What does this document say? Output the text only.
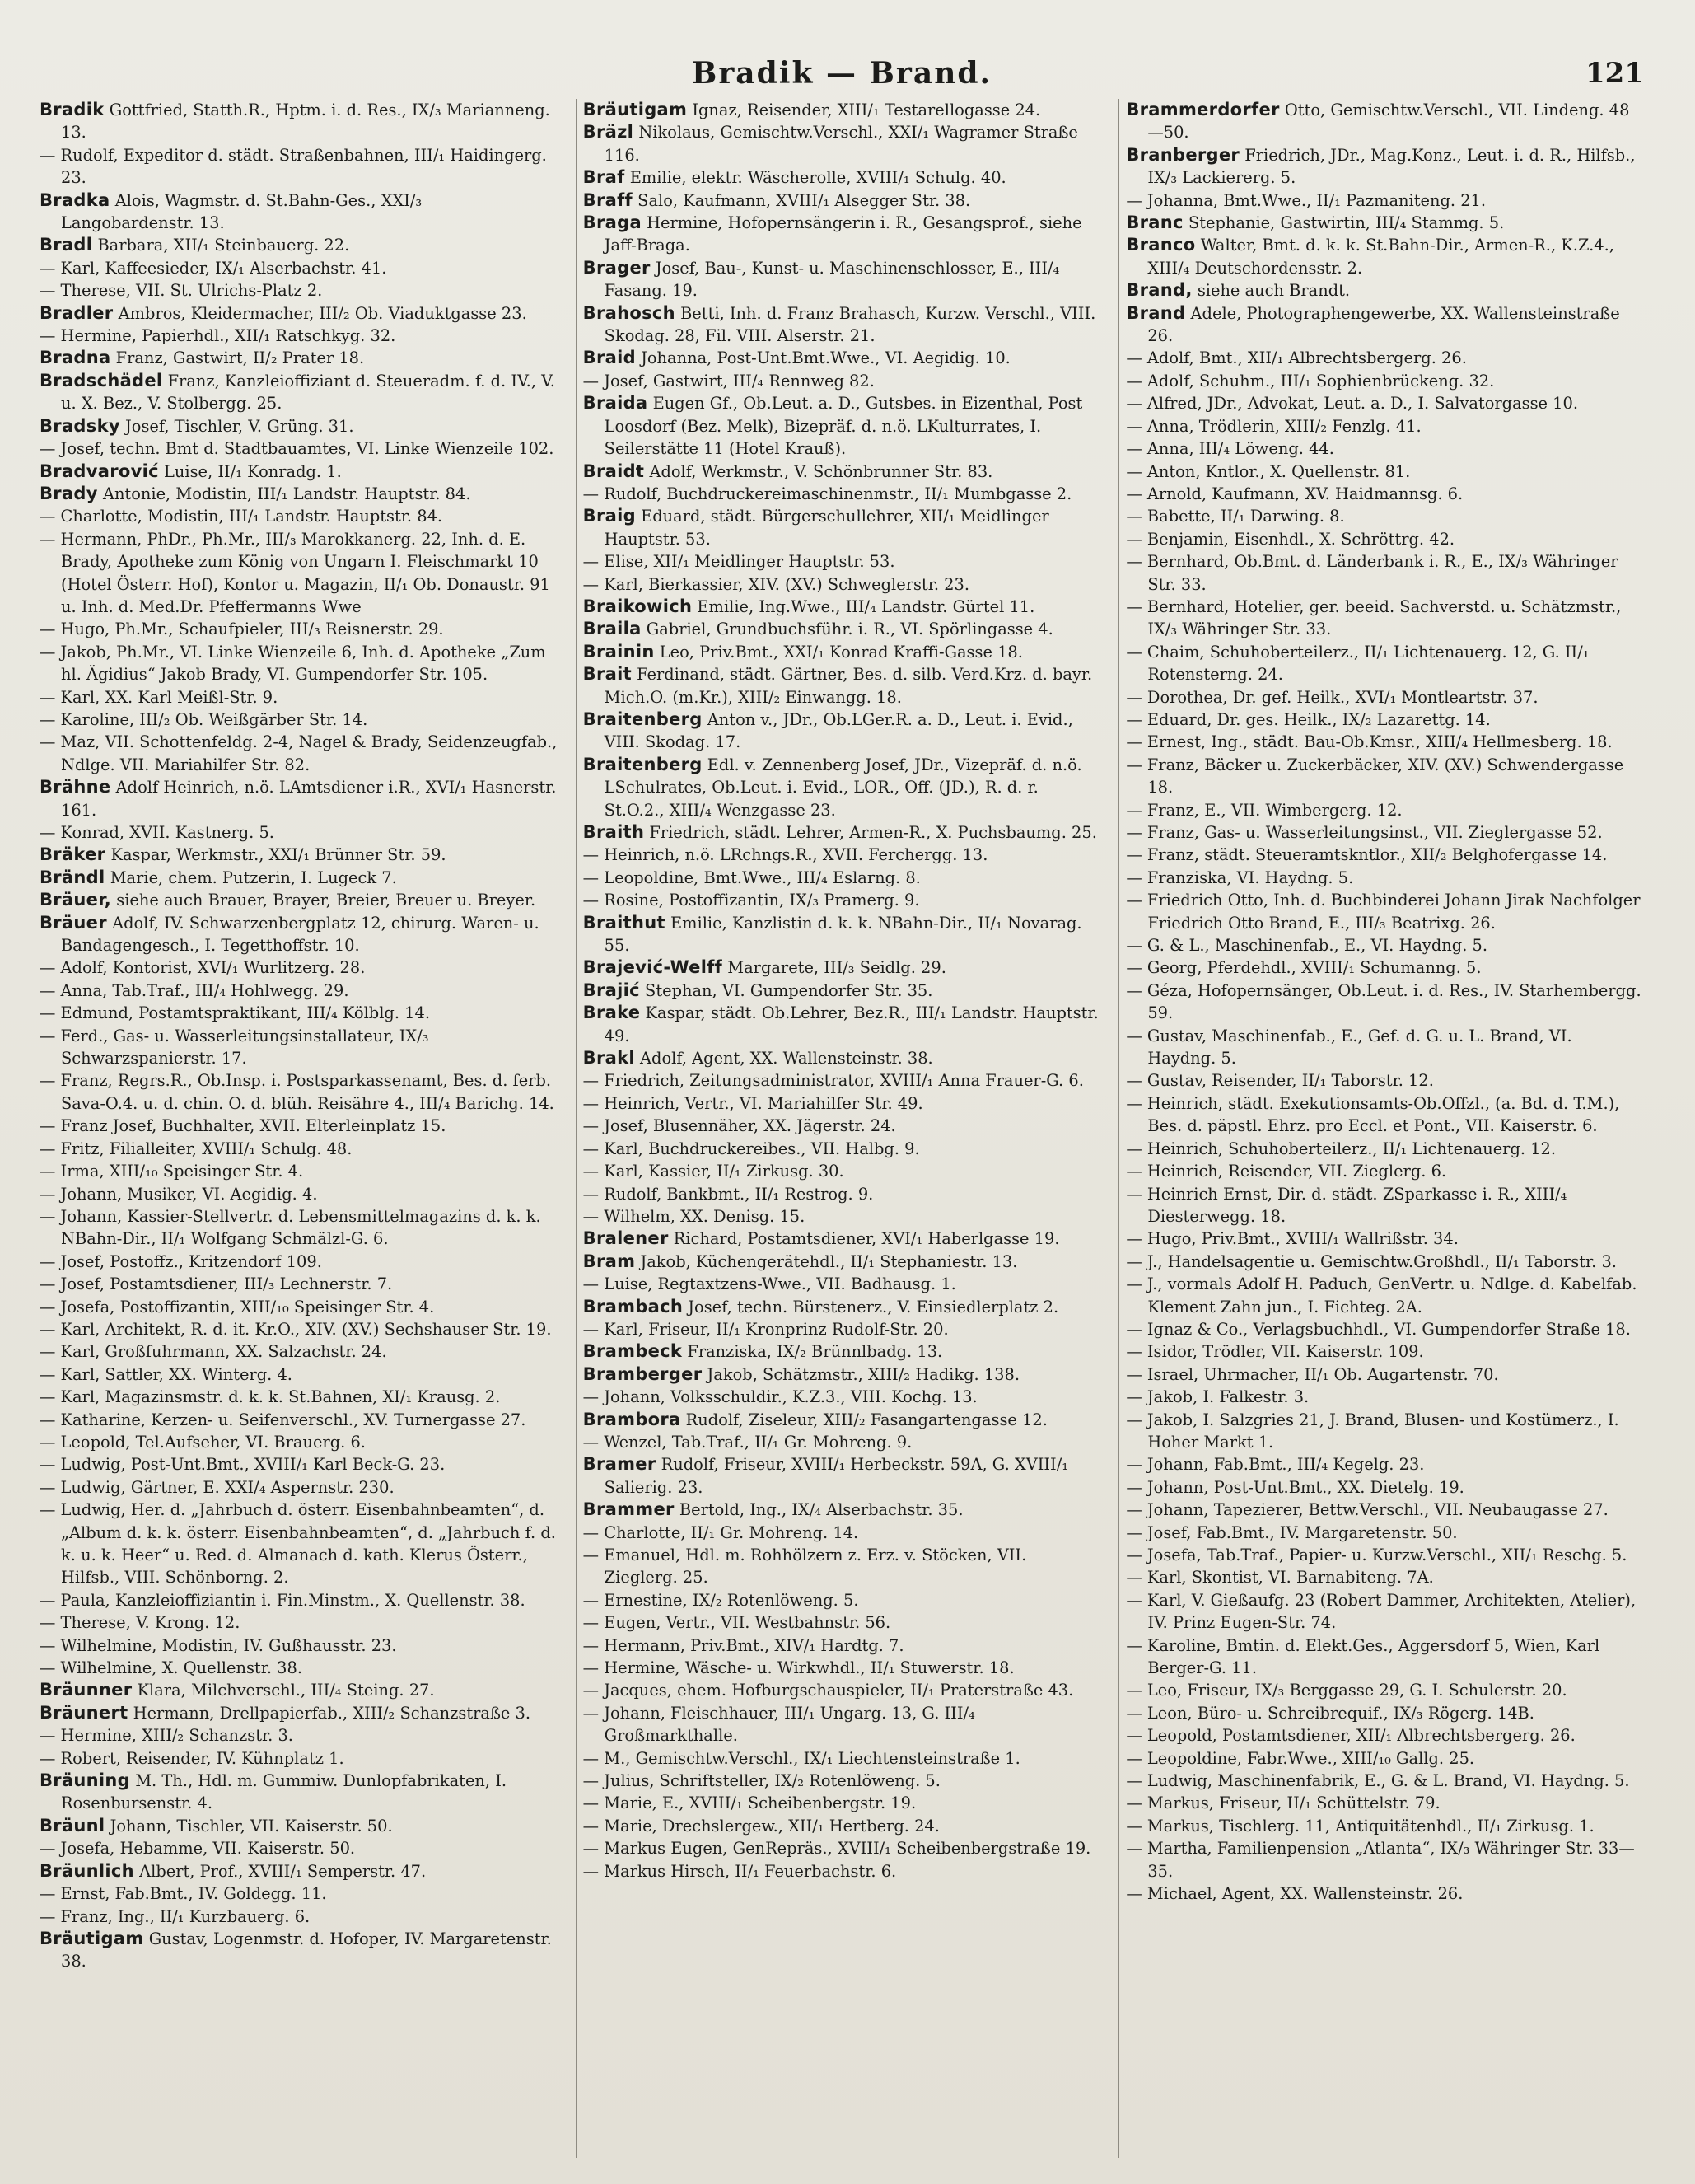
Bradik — Brand.	121
Bradik Gottfried, Statth.R., Hptm. i. d. Res., IX/₃ Marianneng. 13.
— Rudolf, Expeditor d. städt. Straßenbahnen, III/₁ Haidingerg. 23.
Bradka Alois, Wagmstr. d. St.Bahn-Ges., XXI/₃ Langobardenstr. 13.
Bradl Barbara, XII/₁ Steinbauerg. 22.
— Karl, Kaffeesieder, IX/₁ Alserbachstr. 41.
— Therese, VII. St. Ulrichs-Platz 2.
Bradler Ambros, Kleidermacher, III/₂ Ob. Viaduktgasse 23.
— Hermine, Papierhdl., XII/₁ Ratschkyg. 32.
Bradna Franz, Gastwirt, II/₂ Prater 18.
Bradschädel Franz, Kanzleioffiziant d. Steueradm. f. d. IV., V. u. X. Bez., V. Stolbergg. 25.
Bradsky Josef, Tischler, V. Grüng. 31.
— Josef, techn. Bmt d. Stadtbauamtes, VI. Linke Wienzeile 102.
Bradvarović Luise, II/₁ Konradg. 1.
Brady Antonie, Modistin, III/₁ Landstr. Hauptstr. 84.
— Charlotte, Modistin, III/₁ Landstr. Hauptstr. 84.
— Hermann, PhDr., Ph.Mr., III/₃ Marokkanerg. 22, Inh. d. E. Brady, Apotheke zum König von Ungarn I. Fleischmarkt 10 (Hotel Österr. Hof), Kontor u. Magazin, II/₁ Ob. Donaustr. 91 u. Inh. d. Med.Dr. Pfeffermanns Wwe
— Hugo, Ph.Mr., Schaufpieler, III/₃ Reisnerstr. 29.
— Jakob, Ph.Mr., VI. Linke Wienzeile 6, Inh. d. Apotheke „Zum hl. Ägidius“ Jakob Brady, VI. Gumpendorfer Str. 105.
— Karl, XX. Karl Meißl-Str. 9.
— Karoline, III/₂ Ob. Weißgärber Str. 14.
— Maz, VII. Schottenfeldg. 2-4, Nagel & Brady, Seidenzeugfab., Ndlge. VII. Mariahilfer Str. 82.
Brähne Adolf Heinrich, n.ö. LAmtsdiener i.R., XVI/₁ Hasnerstr. 161.
— Konrad, XVII. Kastnerg. 5.
Bräker Kaspar, Werkmstr., XXI/₁ Brünner Str. 59.
Brändl Marie, chem. Putzerin, I. Lugeck 7.
Bräuer, siehe auch Brauer, Brayer, Breier, Breuer u. Breyer.
Bräuer Adolf, IV. Schwarzenbergplatz 12, chirurg. Waren- u. Bandagengesch., I. Tegetthoffstr. 10.
— Adolf, Kontorist, XVI/₁ Wurlitzerg. 28.
— Anna, Tab.Traf., III/₄ Hohlwegg. 29.
— Edmund, Postamtspraktikant, III/₄ Kölblg. 14.
— Ferd., Gas- u. Wasserleitungsinstallateur, IX/₃ Schwarzspanierstr. 17.
— Franz, Regrs.R., Ob.Insp. i. Postsparkassenamt, Bes. d. ferb. Sava-O.4. u. d. chin. O. d. blüh. Reisähre 4., III/₄ Barichg. 14.
— Franz Josef, Buchhalter, XVII. Elterleinplatz 15.
— Fritz, Filialleiter, XVIII/₁ Schulg. 48.
— Irma, XIII/₁₀ Speisinger Str. 4.
— Johann, Musiker, VI. Aegidig. 4.
— Johann, Kassier-Stellvertr. d. Lebensmittelmagazins d. k. k. NBahn-Dir., II/₁ Wolfgang Schmälzl-G. 6.
— Josef, Postoffz., Kritzendorf 109.
— Josef, Postamtsdiener, III/₃ Lechnerstr. 7.
— Josefa, Postoffizantin, XIII/₁₀ Speisinger Str. 4.
— Karl, Architekt, R. d. it. Kr.O., XIV. (XV.) Sechshauser Str. 19.
— Karl, Großfuhrmann, XX. Salzachstr. 24.
— Karl, Sattler, XX. Winterg. 4.
— Karl, Magazinsmstr. d. k. k. St.Bahnen, XI/₁ Krausg. 2.
— Katharine, Kerzen- u. Seifenverschl., XV. Turnergasse 27.
— Leopold, Tel.Aufseher, VI. Brauerg. 6.
— Ludwig, Post-Unt.Bmt., XVIII/₁ Karl Beck-G. 23.
— Ludwig, Gärtner, E. XXI/₄ Aspernstr. 230.
— Ludwig, Her. d. „Jahrbuch d. österr. Eisenbahnbeamten“, d. „Album d. k. k. österr. Eisenbahnbeamten“, d. „Jahrbuch f. d. k. u. k. Heer“ u. Red. d. Almanach d. kath. Klerus Österr., Hilfsb., VIII. Schönborng. 2.
— Paula, Kanzleioffiziantin i. Fin.Minstm., X. Quellenstr. 38.
— Therese, V. Krong. 12.
— Wilhelmine, Modistin, IV. Gußhausstr. 23.
— Wilhelmine, X. Quellenstr. 38.
Bräunner Klara, Milchverschl., III/₄ Steing. 27.
Bräunert Hermann, Drellpapierfab., XIII/₂ Schanzstraße 3.
— Hermine, XIII/₂ Schanzstr. 3.
— Robert, Reisender, IV. Kühnplatz 1.
Bräuning M. Th., Hdl. m. Gummiw. Dunlopfabrikaten, I. Rosenbursenstr. 4.
Bräunl Johann, Tischler, VII. Kaiserstr. 50.
— Josefa, Hebamme, VII. Kaiserstr. 50.
Bräunlich Albert, Prof., XVIII/₁ Semperstr. 47.
— Ernst, Fab.Bmt., IV. Goldegg. 11.
— Franz, Ing., II/₁ Kurzbauerg. 6.
Bräutigam Gustav, Logenmstr. d. Hofoper, IV. Margaretenstr. 38.
Bräutigam Ignaz, Reisender, XIII/₁ Testarellogasse 24.
Bräzl Nikolaus, Gemischtw.Verschl., XXI/₁ Wagramer Straße 116.
Braf Emilie, elektr. Wäscherolle, XVIII/₁ Schulg. 40.
Braff Salo, Kaufmann, XVIII/₁ Alsegger Str. 38.
Braga Hermine, Hofopernsängerin i. R., Gesangsprof., siehe Jaff-Braga.
Brager Josef, Bau-, Kunst- u. Maschinenschlosser, E., III/₄ Fasang. 19.
Brahosch Betti, Inh. d. Franz Brahasch, Kurzw. Verschl., VIII. Skodag. 28, Fil. VIII. Alserstr. 21.
Braid Johanna, Post-Unt.Bmt.Wwe., VI. Aegidig. 10.
— Josef, Gastwirt, III/₄ Rennweg 82.
Braida Eugen Gf., Ob.Leut. a. D., Gutsbes. in Eizenthal, Post Loosdorf (Bez. Melk), Bizepräf. d. n.ö. LKulturrates, I. Seilerstätte 11 (Hotel Krauß).
Braidt Adolf, Werkmstr., V. Schönbrunner Str. 83.
— Rudolf, Buchdruckereimaschinenmstr., II/₁ Mumbgasse 2.
Braig Eduard, städt. Bürgerschullehrer, XII/₁ Meidlinger Hauptstr. 53.
— Elise, XII/₁ Meidlinger Hauptstr. 53.
— Karl, Bierkassier, XIV. (XV.) Schweglerstr. 23.
Braikowich Emilie, Ing.Wwe., III/₄ Landstr. Gürtel 11.
Braila Gabriel, Grundbuchsführ. i. R., VI. Spörlingasse 4.
Brainin Leo, Priv.Bmt., XXI/₁ Konrad Kraffi-Gasse 18.
Brait Ferdinand, städt. Gärtner, Bes. d. silb. Verd.Krz. d. bayr. Mich.O. (m.Kr.), XIII/₂ Einwangg. 18.
Braitenberg Anton v., JDr., Ob.LGer.R. a. D., Leut. i. Evid., VIII. Skodag. 17.
Braitenberg Edl. v. Zennenberg Josef, JDr., Vizepräf. d. n.ö. LSchulrates, Ob.Leut. i. Evid., LOR., Off. (JD.), R. d. r. St.O.2., XIII/₄ Wenzgasse 23.
Braith Friedrich, städt. Lehrer, Armen-R., X. Puchsbaumg. 25.
— Heinrich, n.ö. LRchngs.R., XVII. Ferchergg. 13.
— Leopoldine, Bmt.Wwe., III/₄ Eslarng. 8.
— Rosine, Postoffizantin, IX/₃ Pramerg. 9.
Braithut Emilie, Kanzlistin d. k. k. NBahn-Dir., II/₁ Novarag. 55.
Brajević-Welff Margarete, III/₃ Seidlg. 29.
Brajić Stephan, VI. Gumpendorfer Str. 35.
Brake Kaspar, städt. Ob.Lehrer, Bez.R., III/₁ Landstr. Hauptstr. 49.
Brakl Adolf, Agent, XX. Wallensteinstr. 38.
— Friedrich, Zeitungsadministrator, XVIII/₁ Anna Frauer-G. 6.
— Heinrich, Vertr., VI. Mariahilfer Str. 49.
— Josef, Blusennäher, XX. Jägerstr. 24.
— Karl, Buchdruckereibes., VII. Halbg. 9.
— Karl, Kassier, II/₁ Zirkusg. 30.
— Rudolf, Bankbmt., II/₁ Restrog. 9.
— Wilhelm, XX. Denisg. 15.
Bralener Richard, Postamtsdiener, XVI/₁ Haberlgasse 19.
Bram Jakob, Küchengerätehdl., II/₁ Stephaniestr. 13.
— Luise, Regtaxtzens-Wwe., VII. Badhausg. 1.
Brambach Josef, techn. Bürstenerz., V. Einsiedlerplatz 2.
— Karl, Friseur, II/₁ Kronprinz Rudolf-Str. 20.
Brambeck Franziska, IX/₂ Brünnlbadg. 13.
Bramberger Jakob, Schätzmstr., XIII/₂ Hadikg. 138.
— Johann, Volksschuldir., K.Z.3., VIII. Kochg. 13.
Brambora Rudolf, Ziseleur, XIII/₂ Fasangartengasse 12.
— Wenzel, Tab.Traf., II/₁ Gr. Mohreng. 9.
Bramer Rudolf, Friseur, XVIII/₁ Herbeckstr. 59A, G. XVIII/₁ Salierig. 23.
Brammer Bertold, Ing., IX/₄ Alserbachstr. 35.
— Charlotte, II/₁ Gr. Mohreng. 14.
— Emanuel, Hdl. m. Rohhölzern z. Erz. v. Stöcken, VII. Zieglerg. 25.
— Ernestine, IX/₂ Rotenlöweng. 5.
— Eugen, Vertr., VII. Westbahnstr. 56.
— Hermann, Priv.Bmt., XIV/₁ Hardtg. 7.
— Hermine, Wäsche- u. Wirkwhdl., II/₁ Stuwerstr. 18.
— Jacques, ehem. Hofburgschauspieler, II/₁ Praterstraße 43.
— Johann, Fleischhauer, III/₁ Ungarg. 13, G. III/₄ Großmarkthalle.
— M., Gemischtw.Verschl., IX/₁ Liechtensteinstraße 1.
— Julius, Schriftsteller, IX/₂ Rotenlöweng. 5.
— Marie, E., XVIII/₁ Scheibenbergstr. 19.
— Marie, Drechslergew., XII/₁ Hertberg. 24.
— Markus Eugen, GenRepräs., XVIII/₁ Scheibenbergstraße 19.
— Markus Hirsch, II/₁ Feuerbachstr. 6.
Brammerdorfer Otto, Gemischtw.Verschl., VII. Lindeng. 48—50.
Branberger Friedrich, JDr., Mag.Konz., Leut. i. d. R., Hilfsb., IX/₃ Lackiererg. 5.
— Johanna, Bmt.Wwe., II/₁ Pazmaniteng. 21.
Branc Stephanie, Gastwirtin, III/₄ Stammg. 5.
Branco Walter, Bmt. d. k. k. St.Bahn-Dir., Armen-R., K.Z.4., XIII/₄ Deutschordensstr. 2.
Brand, siehe auch Brandt.
Brand Adele, Photographengewerbe, XX. Wallensteinstraße 26.
— Adolf, Bmt., XII/₁ Albrechtsbergerg. 26.
— Adolf, Schuhm., III/₁ Sophienbrückeng. 32.
— Alfred, JDr., Advokat, Leut. a. D., I. Salvatorgasse 10.
— Anna, Trödlerin, XIII/₂ Fenzlg. 41.
— Anna, III/₄ Löweng. 44.
— Anton, Kntlor., X. Quellenstr. 81.
— Arnold, Kaufmann, XV. Haidmannsg. 6.
— Babette, II/₁ Darwing. 8.
— Benjamin, Eisenhdl., X. Schröttrg. 42.
— Bernhard, Ob.Bmt. d. Länderbank i. R., E., IX/₃ Währinger Str. 33.
— Bernhard, Hotelier, ger. beeid. Sachverstd. u. Schätzmstr., IX/₃ Währinger Str. 33.
— Chaim, Schuhoberteilerz., II/₁ Lichtenauerg. 12, G. II/₁ Rotensterng. 24.
— Dorothea, Dr. gef. Heilk., XVI/₁ Montleartstr. 37.
— Eduard, Dr. ges. Heilk., IX/₂ Lazarettg. 14.
— Ernest, Ing., städt. Bau-Ob.Kmsr., XIII/₄ Hellmesberg. 18.
— Franz, Bäcker u. Zuckerbäcker, XIV. (XV.) Schwendergasse 18.
— Franz, E., VII. Wimbergerg. 12.
— Franz, Gas- u. Wasserleitungsinst., VII. Zieglergasse 52.
— Franz, städt. Steueramtskntlor., XII/₂ Belghofergasse 14.
— Franziska, VI. Haydng. 5.
— Friedrich Otto, Inh. d. Buchbinderei Johann Jirak Nachfolger Friedrich Otto Brand, E., III/₃ Beatrixg. 26.
— G. & L., Maschinenfab., E., VI. Haydng. 5.
— Georg, Pferdehdl., XVIII/₁ Schumanng. 5.
— Géza, Hofopernsänger, Ob.Leut. i. d. Res., IV. Starhembergg. 59.
— Gustav, Maschinenfab., E., Gef. d. G. u. L. Brand, VI. Haydng. 5.
— Gustav, Reisender, II/₁ Taborstr. 12.
— Heinrich, städt. Exekutionsamts-Ob.Offzl., (a. Bd. d. T.M.), Bes. d. päpstl. Ehrz. pro Eccl. et Pont., VII. Kaiserstr. 6.
— Heinrich, Schuhoberteilerz., II/₁ Lichtenauerg. 12.
— Heinrich, Reisender, VII. Zieglerg. 6.
— Heinrich Ernst, Dir. d. städt. ZSparkasse i. R., XIII/₄ Diesterwegg. 18.
— Hugo, Priv.Bmt., XVIII/₁ Wallrißstr. 34.
— J., Handelsagentie u. Gemischtw.Großhdl., II/₁ Taborstr. 3.
— J., vormals Adolf H. Paduch, GenVertr. u. Ndlge. d. Kabelfab. Klement Zahn jun., I. Fichteg. 2A.
— Ignaz & Co., Verlagsbuchhdl., VI. Gumpendorfer Straße 18.
— Isidor, Trödler, VII. Kaiserstr. 109.
— Israel, Uhrmacher, II/₁ Ob. Augartenstr. 70.
— Jakob, I. Falkestr. 3.
— Jakob, I. Salzgries 21, J. Brand, Blusen- und Kostümerz., I. Hoher Markt 1.
— Johann, Fab.Bmt., III/₄ Kegelg. 23.
— Johann, Post-Unt.Bmt., XX. Dietelg. 19.
— Johann, Tapezierer, Bettw.Verschl., VII. Neubaugasse 27.
— Josef, Fab.Bmt., IV. Margaretenstr. 50.
— Josefa, Tab.Traf., Papier- u. Kurzw.Verschl., XII/₁ Reschg. 5.
— Karl, Skontist, VI. Barnabiteng. 7A.
— Karl, V. Gießaufg. 23 (Robert Dammer, Architekten, Atelier), IV. Prinz Eugen-Str. 74.
— Karoline, Bmtin. d. Elekt.Ges., Aggersdorf 5, Wien, Karl Berger-G. 11.
— Leo, Friseur, IX/₃ Berggasse 29, G. I. Schulerstr. 20.
— Leon, Büro- u. Schreibrequif., IX/₃ Rögerg. 14B.
— Leopold, Postamtsdiener, XII/₁ Albrechtsbergerg. 26.
— Leopoldine, Fabr.Wwe., XIII/₁₀ Gallg. 25.
— Ludwig, Maschinenfabrik, E., G. & L. Brand, VI. Haydng. 5.
— Markus, Friseur, II/₁ Schüttelstr. 79.
— Markus, Tischlerg. 11, Antiquitätenhdl., II/₁ Zirkusg. 1.
— Martha, Familienpension „Atlanta“, IX/₃ Währinger Str. 33—35.
— Michael, Agent, XX. Wallensteinstr. 26.
